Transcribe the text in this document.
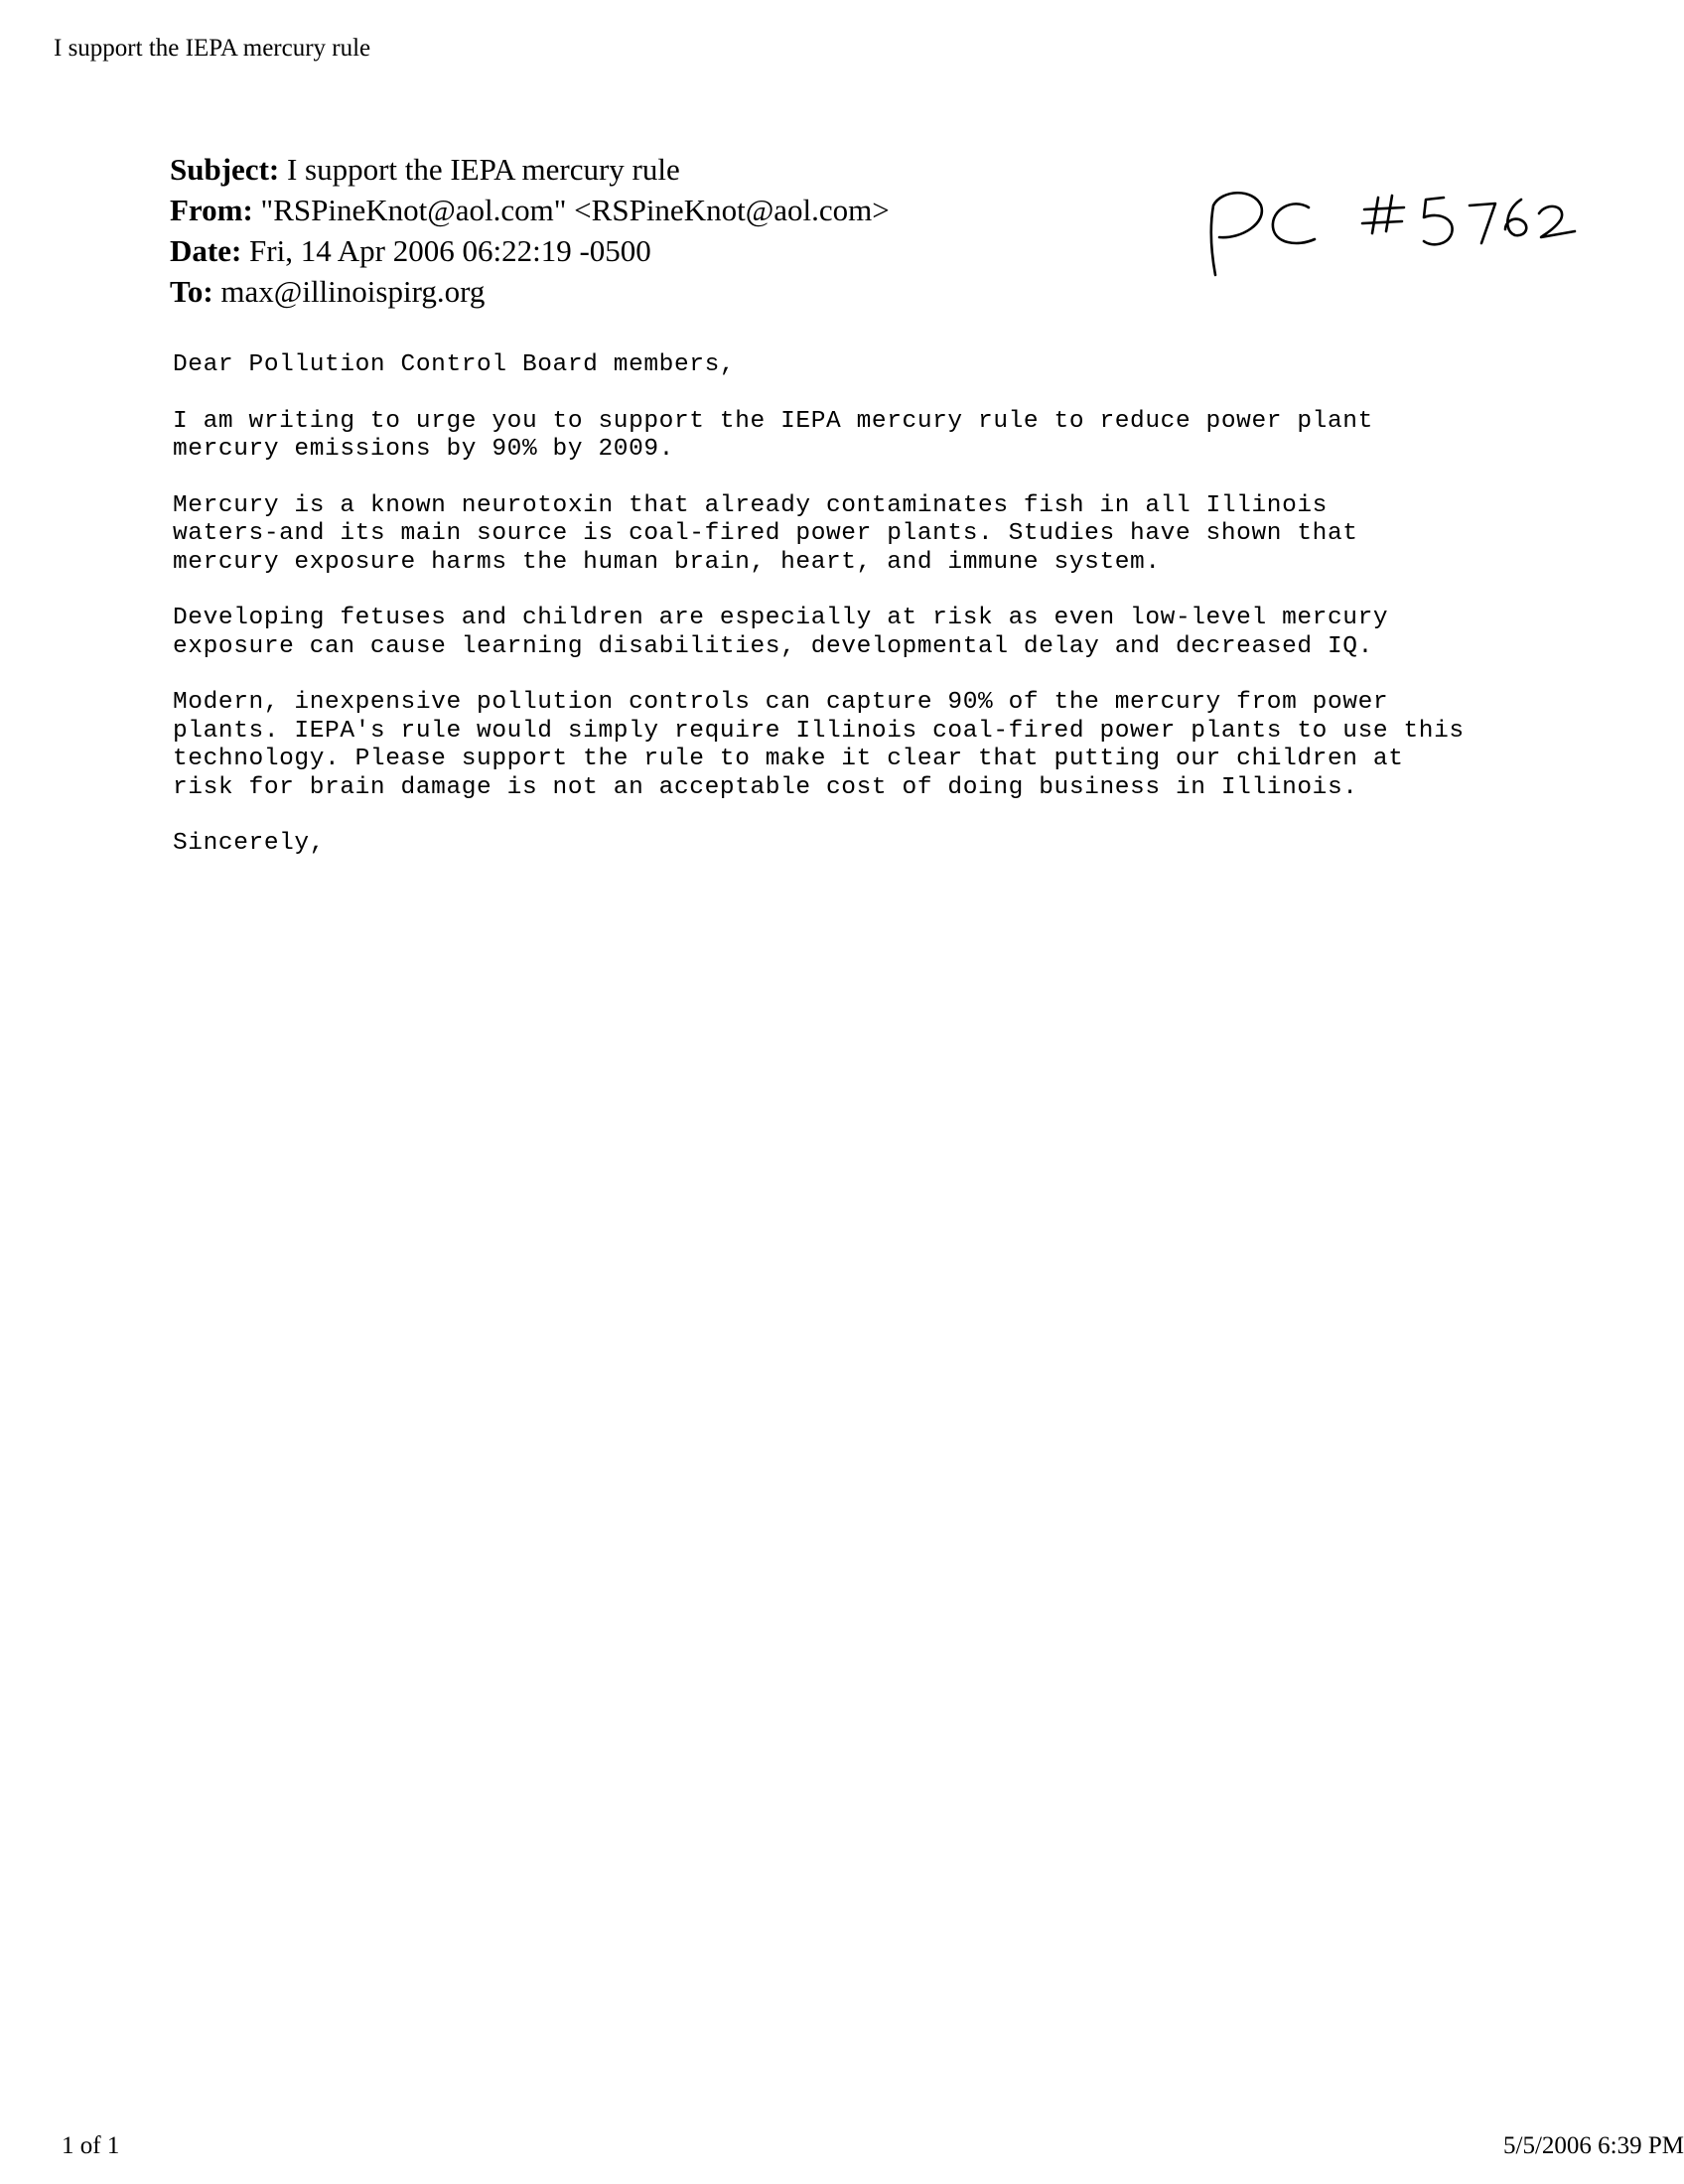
I support the IEPA mercury rule
Subject: I support the IEPA mercury rule
From: "RSPineKnot@aol.com" <RSPineKnot@aol.com>
Date: Fri, 14 Apr 2006 06:22:19 -0500
To: max@illinoispirg.org

Dear Pollution Control Board members,

I am writing to urge you to support the IEPA mercury rule to reduce power plant
mercury emissions by 90% by 2009.

Mercury is a known neurotoxin that already contaminates fish in all Illinois
waters-and its main source is coal-fired power plants. Studies have shown that
mercury exposure harms the human brain, heart, and immune system.

Developing fetuses and children are especially at risk as even low-level mercury
exposure can cause learning disabilities, developmental delay and decreased IQ.

Modern, inexpensive pollution controls can capture 90% of the mercury from power
plants. IEPA's rule would simply require Illinois coal-fired power plants to use this
technology. Please support the rule to make it clear that putting our children at
risk for brain damage is not an acceptable cost of doing business in Illinois.

Sincerely,

1 of 1	5/5/2006 6:39 PM
